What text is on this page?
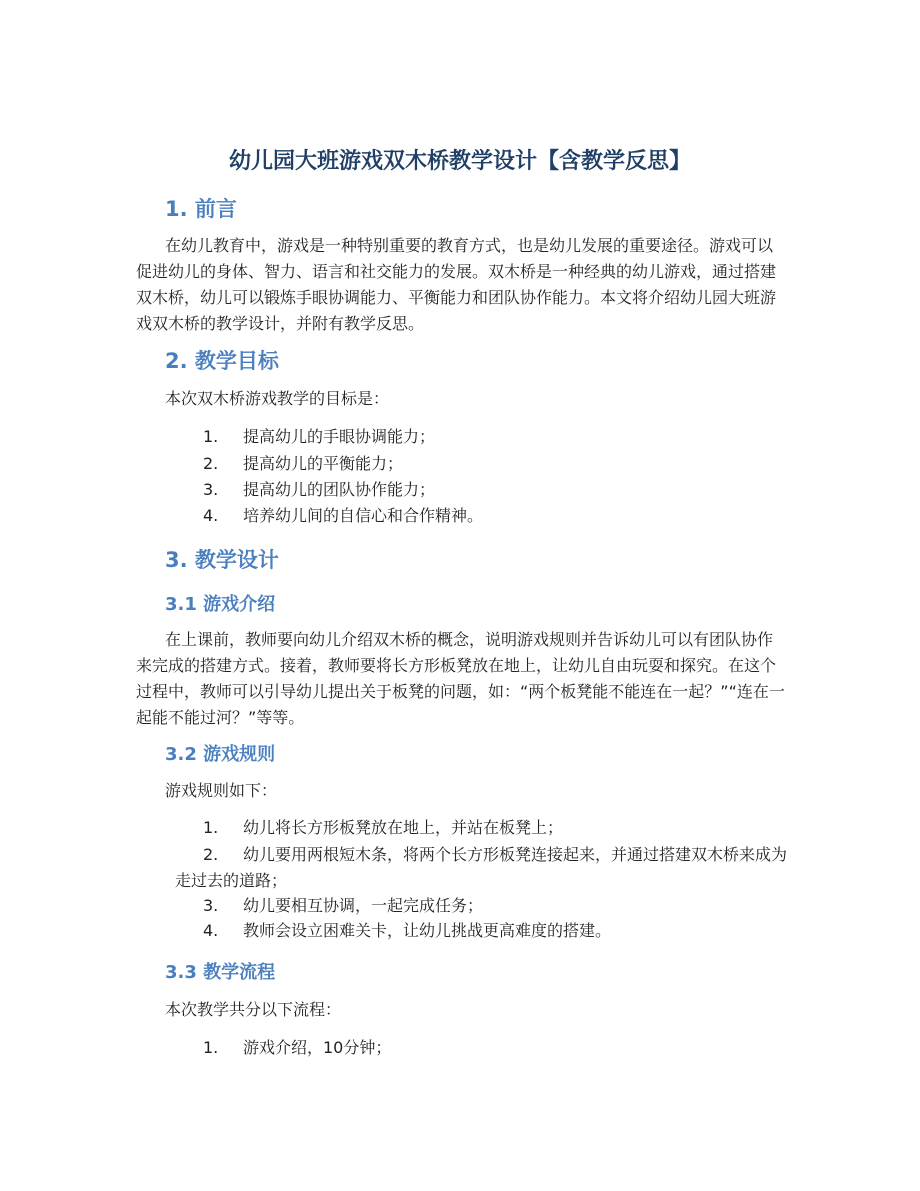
幼儿园大班游戏双木桥教学设计【含教学反思】
1. 前言
在幼儿教育中，游戏是一种特别重要的教育方式，也是幼儿发展的重要途径。游戏可以促进幼儿的身体、智力、语言和社交能力的发展。双木桥是一种经典的幼儿游戏，通过搭建双木桥，幼儿可以锻炼手眼协调能力、平衡能力和团队协作能力。本文将介绍幼儿园大班游戏双木桥的教学设计，并附有教学反思。
2. 教学目标
本次双木桥游戏教学的目标是：
1. 提高幼儿的手眼协调能力；
2. 提高幼儿的平衡能力；
3. 提高幼儿的团队协作能力；
4. 培养幼儿间的自信心和合作精神。
3. 教学设计
3.1 游戏介绍
在上课前，教师要向幼儿介绍双木桥的概念，说明游戏规则并告诉幼儿可以有团队协作来完成的搭建方式。接着，教师要将长方形板凳放在地上，让幼儿自由玩耍和探究。在这个过程中，教师可以引导幼儿提出关于板凳的问题，如：“两个板凳能不能连在一起？”“连在一起能不能过河？”等等。
3.2 游戏规则
游戏规则如下：
1. 幼儿将长方形板凳放在地上，并站在板凳上；
2. 幼儿要用两根短木条，将两个长方形板凳连接起来，并通过搭建双木桥来成为走过去的道路；
3. 幼儿要相互协调，一起完成任务；
4. 教师会设立困难关卡，让幼儿挑战更高难度的搭建。
3.3 教学流程
本次教学共分以下流程：
1. 游戏介绍，10分钟；
